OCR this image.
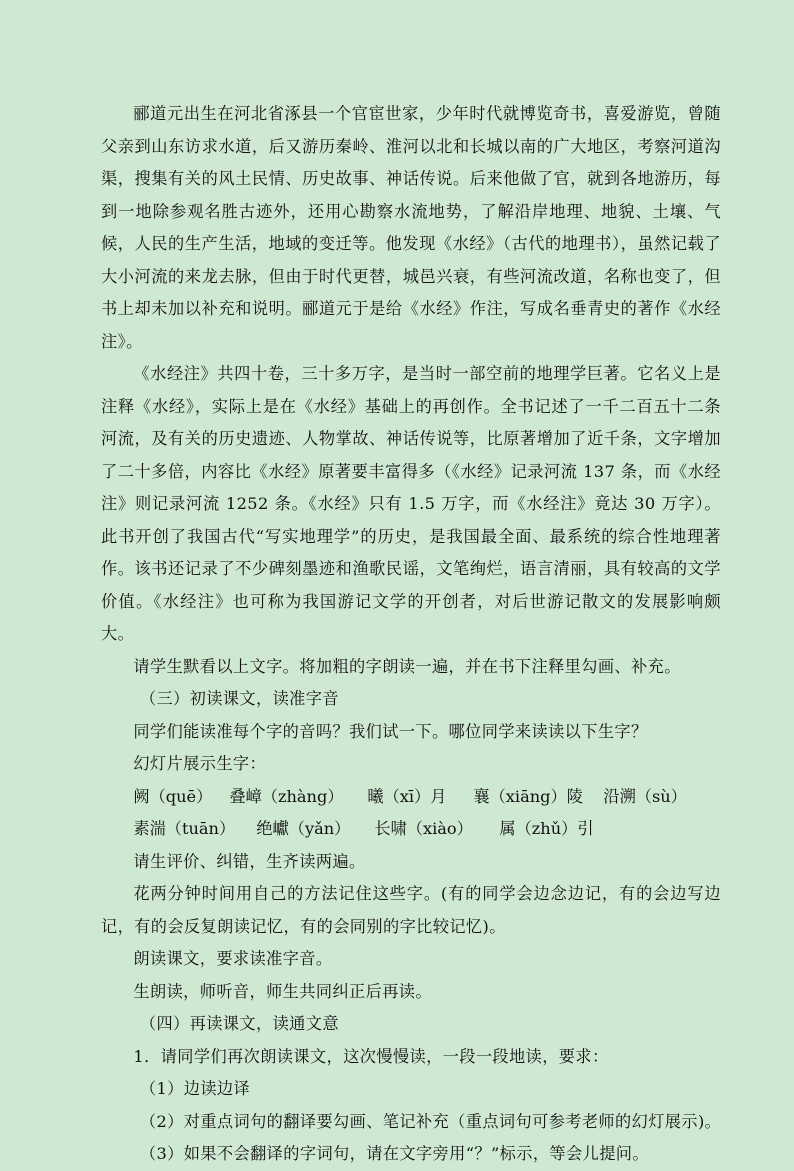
郦道元出生在河北省涿县一个官宦世家，少年时代就博览奇书，喜爱游览，曾随父亲到山东访求水道，后又游历秦岭、淮河以北和长城以南的广大地区，考察河道沟渠，搜集有关的风土民情、历史故事、神话传说。后来他做了官，就到各地游历，每到一地除参观名胜古迹外，还用心勘察水流地势，了解沿岸地理、地貌、土壤、气候，人民的生产生活，地域的变迁等。他发现《水经》（古代的地理书），虽然记载了大小河流的来龙去脉，但由于时代更替，城邑兴衰，有些河流改道，名称也变了，但书上却未加以补充和说明。郦道元于是给《水经》作注，写成名垂青史的著作《水经注》。

《水经注》共四十卷，三十多万字，是当时一部空前的地理学巨著。它名义上是注释《水经》，实际上是在《水经》基础上的再创作。全书记述了一千二百五十二条河流，及有关的历史遗迹、人物掌故、神话传说等，比原著增加了近千条，文字增加了二十多倍，内容比《水经》原著要丰富得多（《水经》记录河流 137 条，而《水经注》则记录河流 1252 条。《水经》只有 1.5 万字，而《水经注》竟达 30 万字）。此书开创了我国古代“写实地理学”的历史，是我国最全面、最系统的综合性地理著作。该书还记录了不少碑刻墨迹和渔歌民谣，文笔绚烂，语言清丽，具有较高的文学价值。《水经注》也可称为我国游记文学的开创者，对后世游记散文的发展影响颇大。

请学生默看以上文字。将加粗的字朗读一遍，并在书下注释里勾画、补充。

（三）初读课文，读准字音

同学们能读准每个字的音吗？我们试一下。哪位同学来读读以下生字？

幻灯片展示生字：

阙（quē）	叠嶂（zhàng）	曦（xī）月	襄（xiāng）陵	沿溯（sù）
素湍（tuān）	绝巘（yǎn）	长啸（xiào）	属（zhǔ）引

请生评价、纠错，生齐读两遍。

花两分钟时间用自己的方法记住这些字。(有的同学会边念边记，有的会边写边记，有的会反复朗读记忆，有的会同别的字比较记忆)。

朗读课文，要求读准字音。

生朗读，师听音，师生共同纠正后再读。

（四）再读课文，读通文意

1．请同学们再次朗读课文，这次慢慢读，一段一段地读，要求：

（1）边读边译

（2）对重点词句的翻译要勾画、笔记补充（重点词句可参考老师的幻灯展示)。

（3）如果不会翻译的字词句，请在文字旁用“？”标示，等会儿提问。
